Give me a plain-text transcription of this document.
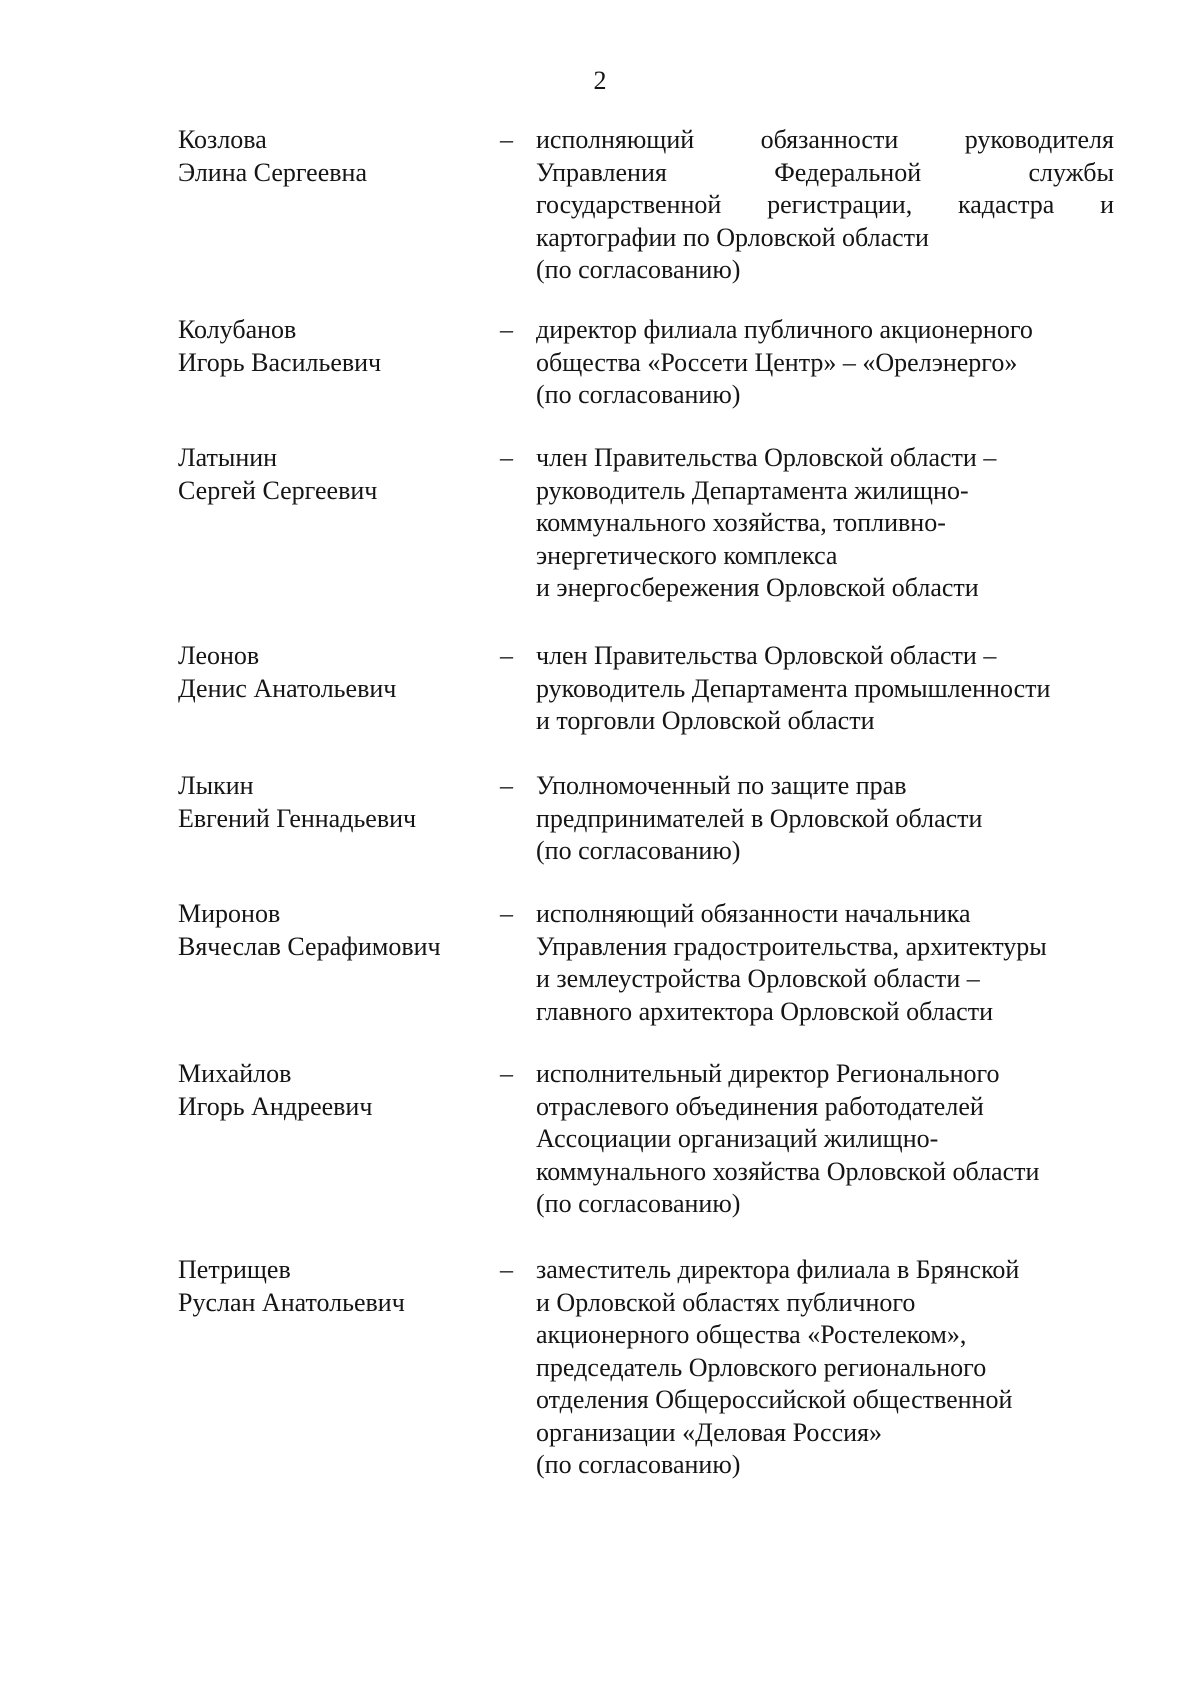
2
Козлова
Элина Сергеевна
– исполняющий обязанности руководителя
Управления Федеральной службы
государственной регистрации, кадастра и
картографии по Орловской области
(по согласованию)
Колубанов
Игорь Васильевич
– директор филиала публичного акционерного
общества «Россети Центр» – «Орелэнерго»
(по согласованию)
Латынин
Сергей Сергеевич
– член Правительства Орловской области –
руководитель Департамента жилищно-
коммунального хозяйства, топливно-
энергетического комплекса
и энергосбережения Орловской области
Леонов
Денис Анатольевич
– член Правительства Орловской области –
руководитель Департамента промышленности
и торговли Орловской области
Лыкин
Евгений Геннадьевич
– Уполномоченный по защите прав
предпринимателей в Орловской области
(по согласованию)
Миронов
Вячеслав Серафимович
– исполняющий обязанности начальника
Управления градостроительства, архитектуры
и землеустройства Орловской области –
главного архитектора Орловской области
Михайлов
Игорь Андреевич
– исполнительный директор Регионального
отраслевого объединения работодателей
Ассоциации организаций жилищно-
коммунального хозяйства Орловской области
(по согласованию)
Петрищев
Руслан Анатольевич
– заместитель директора филиала в Брянской
и Орловской областях публичного
акционерного общества «Ростелеком»,
председатель Орловского регионального
отделения Общероссийской общественной
организации «Деловая Россия»
(по согласованию)
